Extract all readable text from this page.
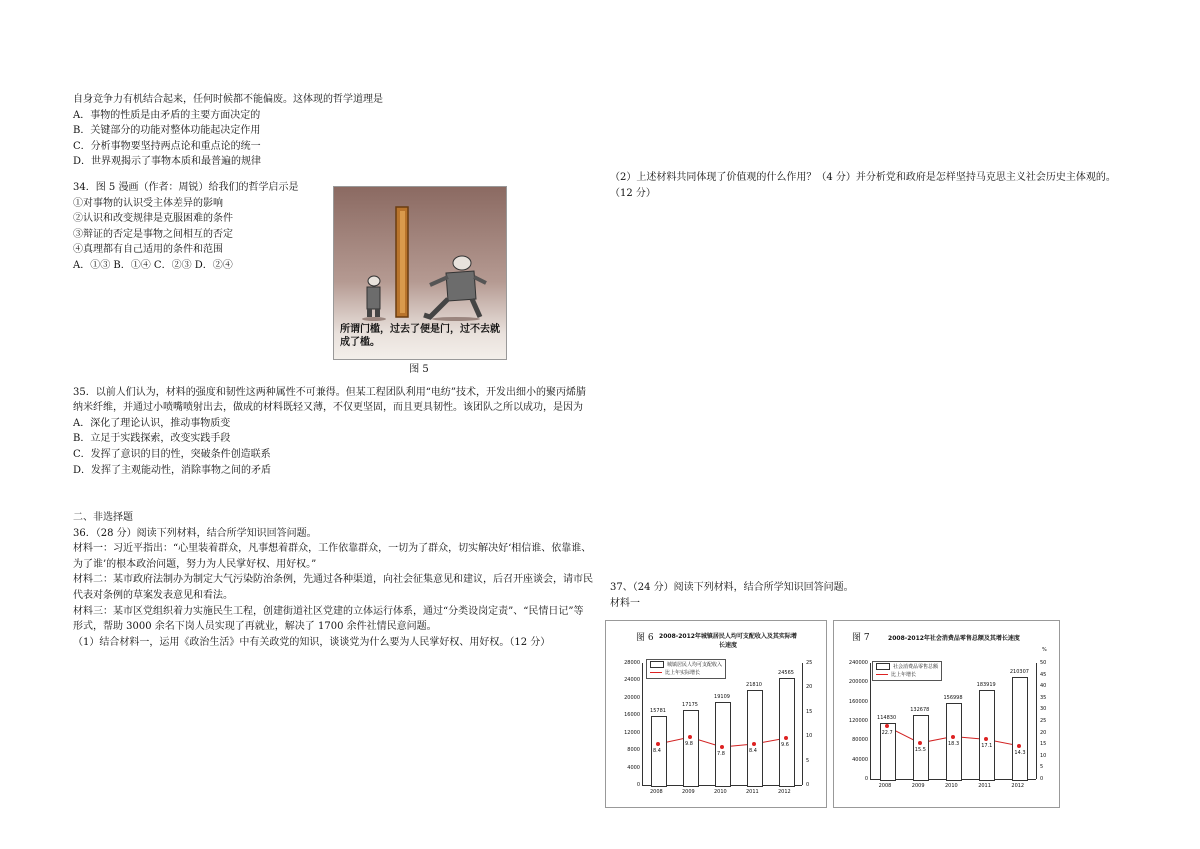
自身竞争力有机结合起来，任何时候都不能偏废。这体现的哲学道理是

A．事物的性质是由矛盾的主要方面决定的

B．关键部分的功能对整体功能起决定作用

C．分析事物要坚持两点论和重点论的统一

D．世界观揭示了事物本质和最普遍的规律

34．图 5 漫画（作者：周锐）给我们的哲学启示是

①对事物的认识受主体差异的影响

②认识和改变规律是克服困难的条件

③辩证的否定是事物之间相互的否定

④真理都有自己适用的条件和范围

A．①③ B．①④ C．②③ D．②④

35．以前人们认为，材料的强度和韧性这两种属性不可兼得。但某工程团队利用“电纺”技术，开发出细小的聚丙烯腈纳米纤维，并通过小喷嘴喷射出去，做成的材料既轻又薄，不仅更坚固，而且更具韧性。该团队之所以成功，是因为

A．深化了理论认识，推动事物质变

B．立足于实践探索，改变实践手段

C．发挥了意识的目的性，突破条件创造联系

D．发挥了主观能动性，消除事物之间的矛盾

二、非选择题

36．（28 分）阅读下列材料，结合所学知识回答问题。

材料一：习近平指出：“心里装着群众，凡事想着群众，工作依靠群众，一切为了群众，切实解决好‘相信谁、依靠谁、为了谁’的根本政治问题，努力为人民掌好权、用好权。”

材料二：某市政府法制办为制定大气污染防治条例，先通过各种渠道，向社会征集意见和建议，后召开座谈会，请市民代表对条例的草案发表意见和看法。

材料三：某市区党组织着力实施民生工程，创建街道社区党建的立体运行体系，通过“分类设岗定责”、“民情日记”等形式，帮助 3000 余名下岗人员实现了再就业，解决了 1700 余件社情民意问题。

（1）结合材料一，运用《政治生活》中有关政党的知识，谈谈党为什么要为人民掌好权、用好权。（12 分）

所谓门槛，过去了便是门，过不去就成了槛。
图 5

（2）上述材料共同体现了价值观的什么作用？（4 分）并分析党和政府是怎样坚持马克思主义社会历史主体观的。（12 分）

37、（24 分）阅读下列材料，结合所学知识回答问题。

材料一

图 6 2008-2012年城镇居民人均可支配收入及其实际增长速度
城镇居民人均可支配收入
比上年实际增长
28000
24000
20000
16000
12000
8000
4000
0
25
20
15
10
5
0
15781
2008
8.4
17175
2009
9.8
19109
2010
7.8
21810
2011
8.4
24565
2012
9.6
图 7	2008-2012年社会消费品零售总额及其增长速度
%
社会消费品零售总额
比上年增长
240000
200000
160000
120000
80000
40000
0
50
45
40
35
30
25
20
15
10
5
0
114830
2008
22.7
132678
2009
15.5
156998
2010
18.3
183919
2011
17.1
210307
2012
14.3
